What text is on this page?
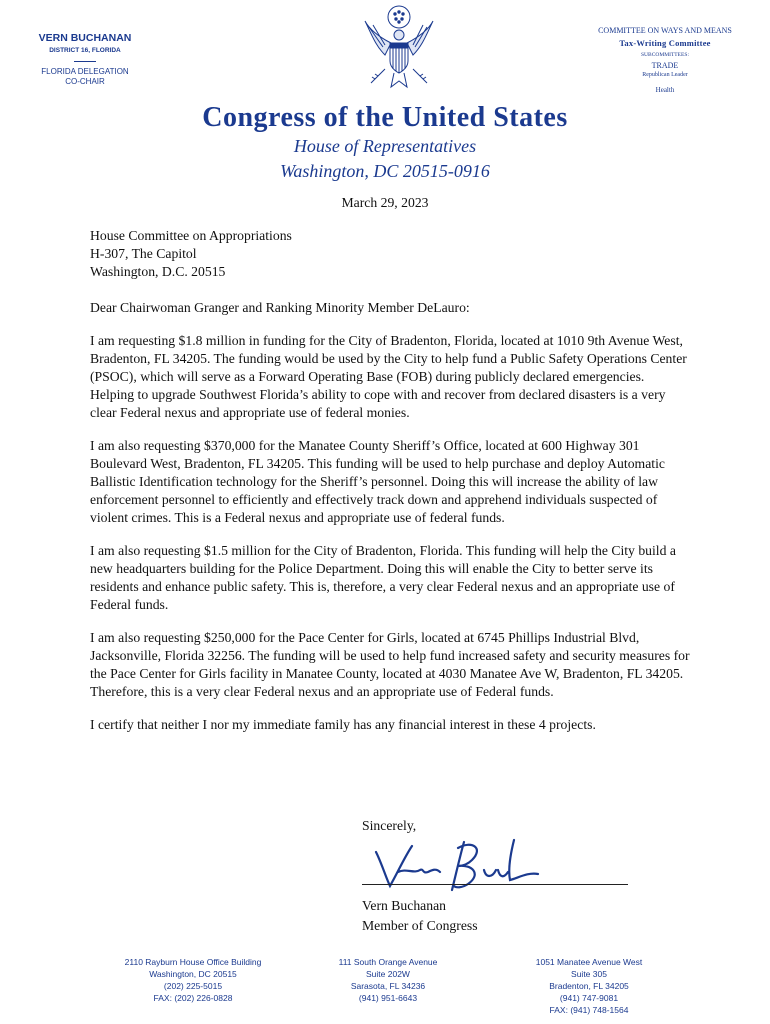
VERN BUCHANAN
DISTRICT 16, FLORIDA
FLORIDA DELEGATION
CO-CHAIR
COMMITTEE ON WAYS AND MEANS
Tax-Writing Committee
SUBCOMMITTEES:
TRADE
Republican Leader
Health
Congress of the United States
House of Representatives
Washington, DC 20515-0916
March 29, 2023

House Committee on Appropriations

H-307, The Capitol

Washington, D.C. 20515

Dear Chairwoman Granger and Ranking Minority Member DeLauro:

I am requesting $1.8 million in funding for the City of Bradenton, Florida, located at 1010 9th Avenue West, Bradenton, FL 34205. The funding would be used by the City to help fund a Public Safety Operations Center (PSOC), which will serve as a Forward Operating Base (FOB) during publicly declared emergencies. Helping to upgrade Southwest Florida’s ability to cope with and recover from declared disasters is a very clear Federal nexus and appropriate use of federal monies.

I am also requesting $370,000 for the Manatee County Sheriff’s Office, located at 600 Highway 301 Boulevard West, Bradenton, FL 34205. This funding will be used to help purchase and deploy Automatic Ballistic Identification technology for the Sheriff’s personnel. Doing this will increase the ability of law enforcement personnel to efficiently and effectively track down and apprehend individuals suspected of violent crimes. This is a Federal nexus and appropriate use of federal funds.

I am also requesting $1.5 million for the City of Bradenton, Florida. This funding will help the City build a new headquarters building for the Police Department. Doing this will enable the City to better serve its residents and enhance public safety. This is, therefore, a very clear Federal nexus and an appropriate use of Federal funds.

I am also requesting $250,000 for the Pace Center for Girls, located at 6745 Phillips Industrial Blvd, Jacksonville, Florida 32256. The funding will be used to help fund increased safety and security measures for the Pace Center for Girls facility in Manatee County, located at 4030 Manatee Ave W, Bradenton, FL 34205. Therefore, this is a very clear Federal nexus and an appropriate use of Federal funds.

I certify that neither I nor my immediate family has any financial interest in these 4 projects.

Sincerely,
Vern Buchanan
Member of Congress
2110 Rayburn House Office Building
Washington, DC 20515
(202) 225-5015
FAX: (202) 226-0828
111 South Orange Avenue
Suite 202W
Sarasota, FL 34236
(941) 951-6643
1051 Manatee Avenue West
Suite 305
Bradenton, FL 34205
(941) 747-9081
FAX: (941) 748-1564
